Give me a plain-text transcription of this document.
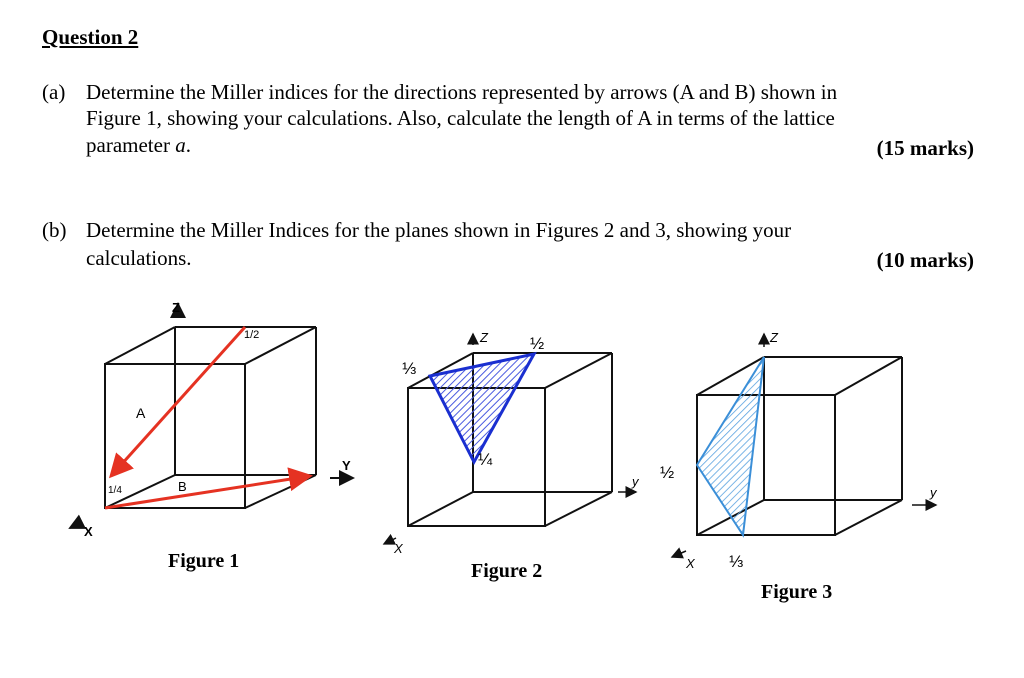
Question 2
(a) Determine the Miller indices for the directions represented by arrows (A and B) shown in
Figure 1, showing your calculations. Also, calculate the length of A in terms of the lattice
parameter a.	(15 marks)
(b) Determine the Miller Indices for the planes shown in Figures 2 and 3, showing your
calculations.	(10 marks)
Figure 1	Figure 2
Figure 3
Z
Y
X
1/2
1/4
A
B
Z
y
X
⅓
½
¼
Z
y
X
½
⅓
